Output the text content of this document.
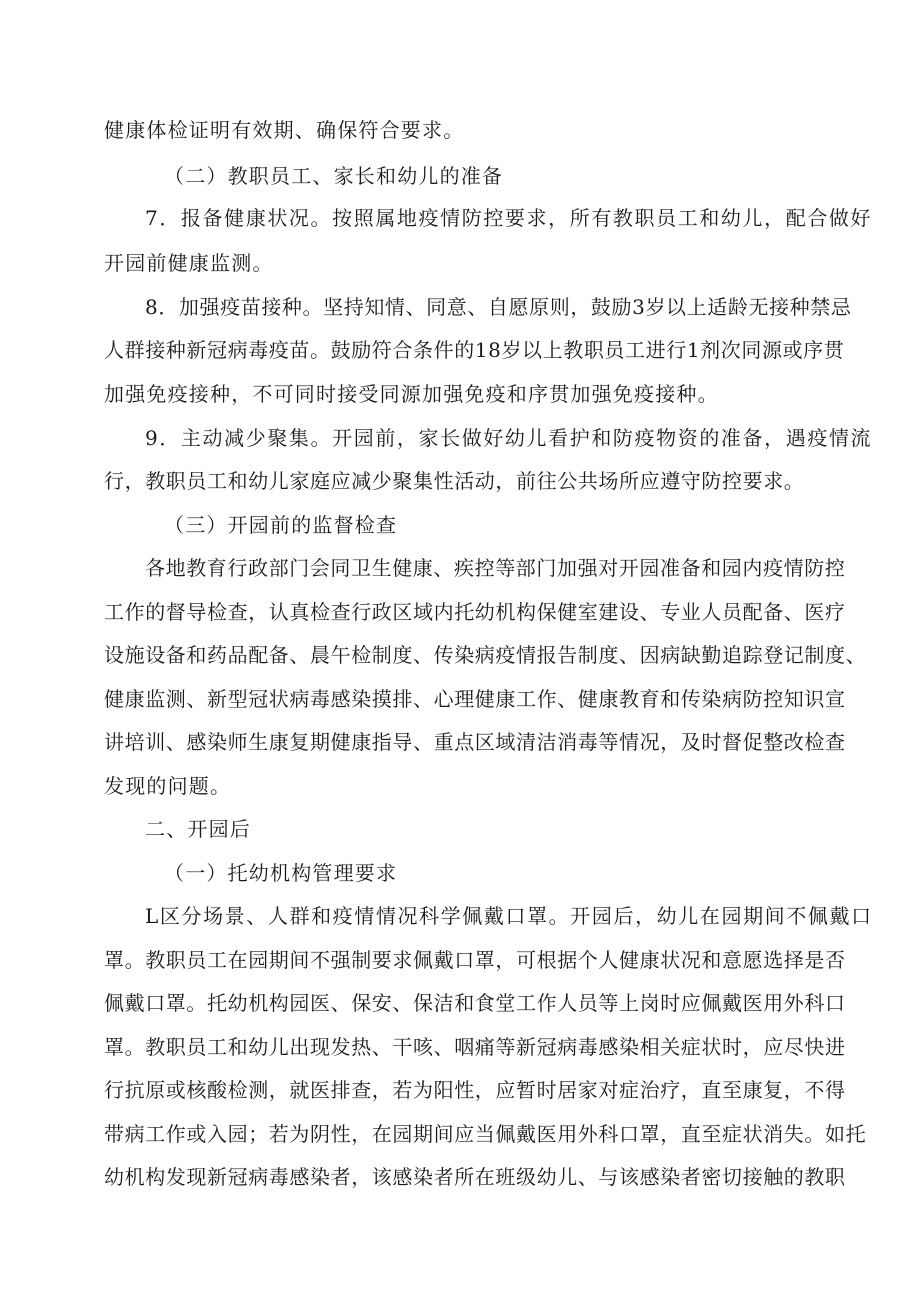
健康体检证明有效期、确保符合要求。
（二）教职员工、家长和幼儿的准备
7．报备健康状况。按照属地疫情防控要求，所有教职员工和幼儿，配合做好
开园前健康监测。
8．加强疫苗接种。坚持知情、同意、自愿原则，鼓励3岁以上适龄无接种禁忌
人群接种新冠病毒疫苗。鼓励符合条件的18岁以上教职员工进行1剂次同源或序贯
加强免疫接种，不可同时接受同源加强免疫和序贯加强免疫接种。
9．主动减少聚集。开园前，家长做好幼儿看护和防疫物资的准备，遇疫情流
行，教职员工和幼儿家庭应减少聚集性活动，前往公共场所应遵守防控要求。
（三）开园前的监督检查
各地教育行政部门会同卫生健康、疾控等部门加强对开园准备和园内疫情防控
工作的督导检查，认真检查行政区域内托幼机构保健室建设、专业人员配备、医疗
设施设备和药品配备、晨午检制度、传染病疫情报告制度、因病缺勤追踪登记制度、
健康监测、新型冠状病毒感染摸排、心理健康工作、健康教育和传染病防控知识宣
讲培训、感染师生康复期健康指导、重点区域清洁消毒等情况，及时督促整改检查
发现的问题。
二、开园后
（一）托幼机构管理要求
L区分场景、人群和疫情情况科学佩戴口罩。开园后，幼儿在园期间不佩戴口
罩。教职员工在园期间不强制要求佩戴口罩，可根据个人健康状况和意愿选择是否
佩戴口罩。托幼机构园医、保安、保洁和食堂工作人员等上岗时应佩戴医用外科口
罩。教职员工和幼儿出现发热、干咳、咽痛等新冠病毒感染相关症状时，应尽快进
行抗原或核酸检测，就医排查，若为阳性，应暂时居家对症治疗，直至康复，不得
带病工作或入园；若为阴性，在园期间应当佩戴医用外科口罩，直至症状消失。如托
幼机构发现新冠病毒感染者，该感染者所在班级幼儿、与该感染者密切接触的教职
